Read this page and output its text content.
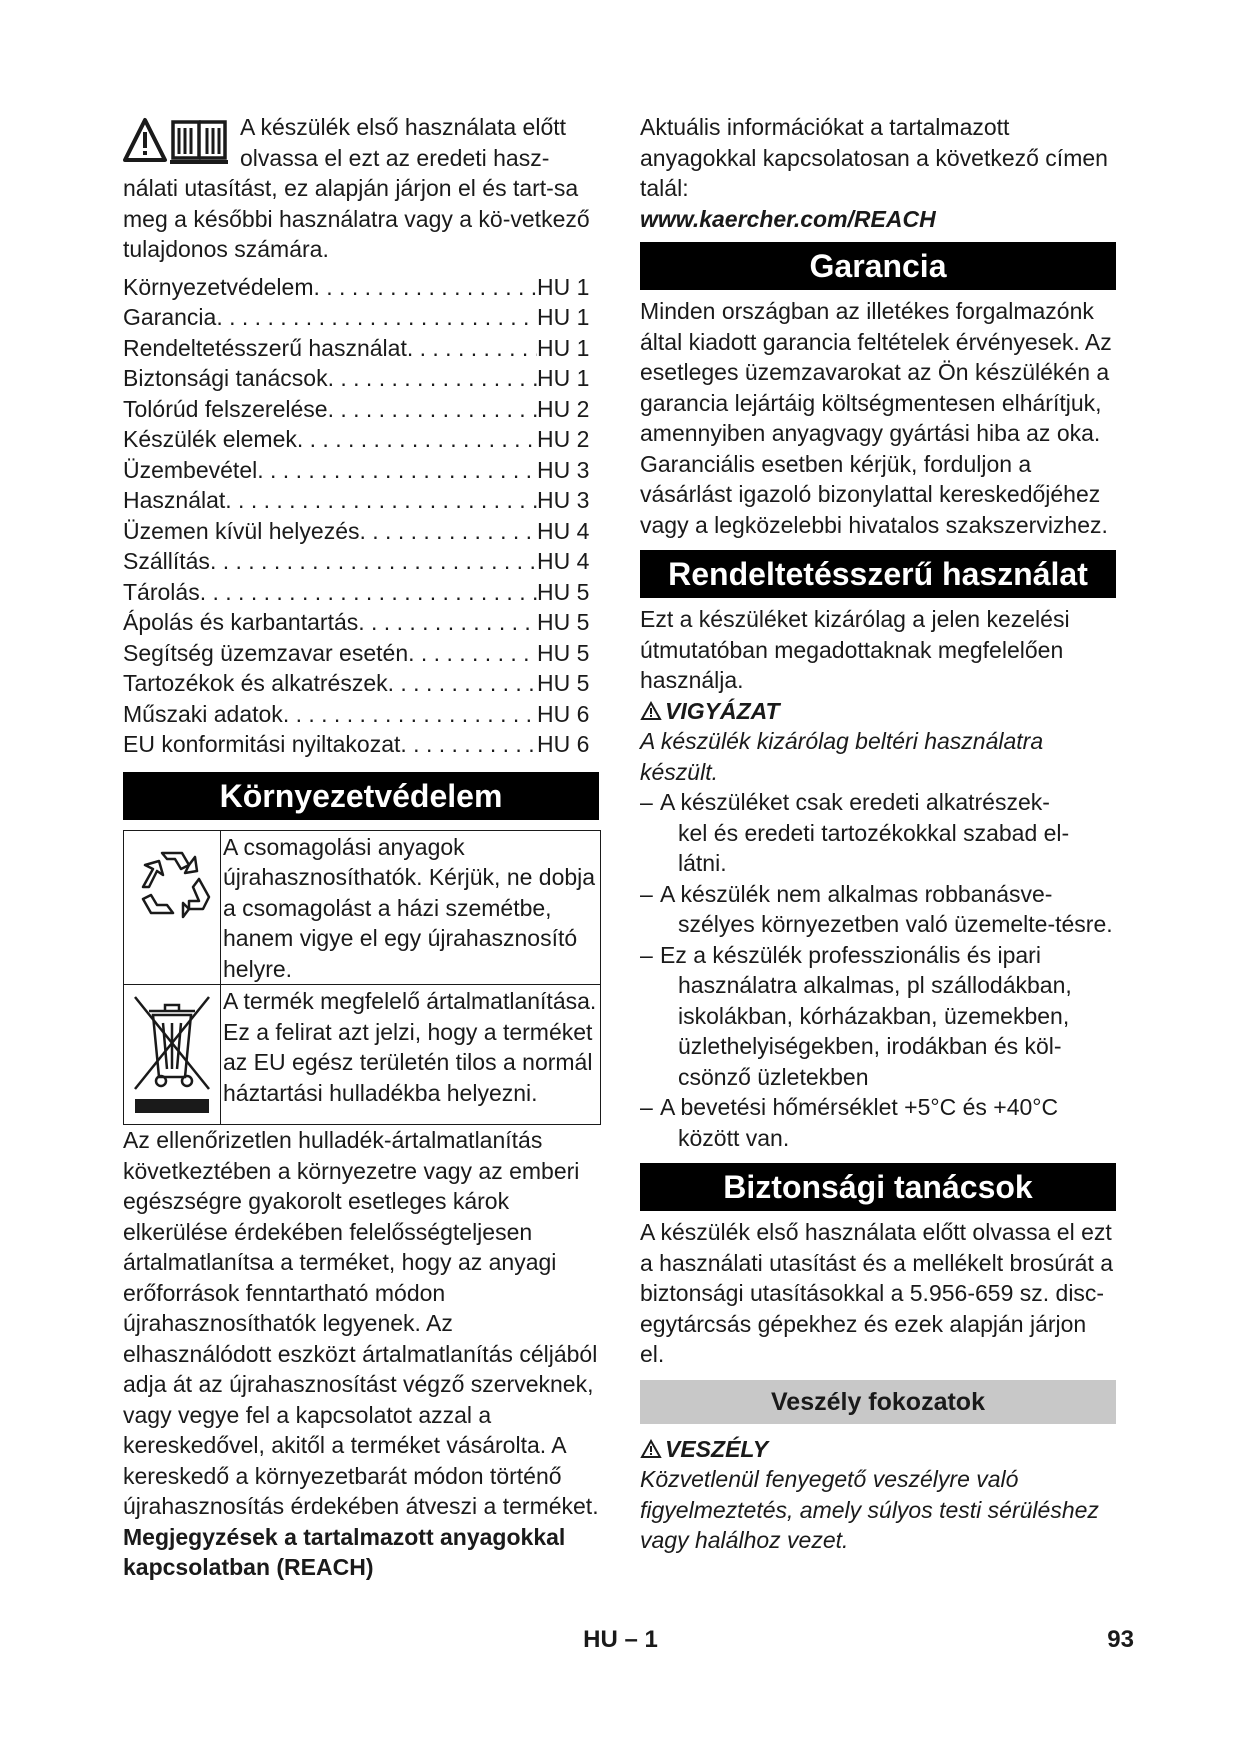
A készülék első használata előtt

olvassa el ezt az eredeti hasz-

nálati utasítást, ez alapján járjon el és tart-sa meg a későbbi használatra vagy a kö-vetkező tulajdonos számára.

Környezetvédelem . . .	HU 1
Garancia . . .	HU 1
Rendeltetésszerű használat . . .	HU 1
Biztonsági tanácsok . . .	HU 1
Tolórúd felszerelése . . .	HU 2
Készülék elemek . . .	HU 2
Üzembevétel . . .	HU 3
Használat . . .	HU 3
Üzemen kívül helyezés . . .	HU 4
Szállítás . . .	HU 4
Tárolás . . .	HU 5
Ápolás és karbantartás . . .	HU 5
Segítség üzemzavar esetén . . .	HU 5
Tartozékok és alkatrészek . . .	HU 5
Műszaki adatok . . .	HU 6
EU konformitási nyiltakozat . . .	HU 6
Környezetvédelem
	A csomagolási anyagok újrahasznosíthatók. Kérjük, ne dobja a csomagolást a házi szemétbe, hanem vigye el egy újrahasznosító helyre.
	A termék megfelelő ártalmatlanítása. Ez a felirat azt jelzi, hogy a terméket az EU egész területén tilos a normál háztartási hulladékba helyezni.

Az ellenőrizetlen hulladék-ártalmatlanítás következtében a környezetre vagy az emberi egészségre gyakorolt esetleges károk elkerülése érdekében felelősségteljesen ártalmatlanítsa a terméket, hogy az anyagi erőforrások fenntartható módon újrahasznosíthatók legyenek. Az elhasználódott eszközt ártalmatlanítás céljából adja át az újrahasznosítást végző szerveknek, vagy vegye fel a kapcsolatot azzal a kereskedővel, akitől a terméket vásárolta. A kereskedő a környezetbarát módon történő újrahasznosítás érdekében átveszi a terméket.

Megjegyzések a tartalmazott anyagokkal kapcsolatban (REACH)

Aktuális információkat a tartalmazott anyagokkal kapcsolatosan a következő címen talál:

www.kaercher.com/REACH

Garancia

Minden országban az illetékes forgalmazónk által kiadott garancia feltételek érvényesek. Az esetleges üzemzavarokat az Ön készülékén a garancia lejártáig költségmentesen elhárítjuk, amennyiben anyagvagy gyártási hiba az oka. Garanciális esetben kérjük, forduljon a vásárlást igazoló bizonylattal kereskedőjéhez vagy a legközelebbi hivatalos szakszervizhez.

Rendeltetésszerű használat

Ezt a készüléket kizárólag a jelen kezelési útmutatóban megadottaknak megfelelően használja.

VIGYÁZAT

A készülék kizárólag beltéri használatra készült.

– A készüléket csak eredeti alkatrészek-
kel és eredeti tartozékokkal szabad el-látni.
– A készülék nem alkalmas robbanásve-
szélyes környezetben való üzemelte-tésre.
– Ez a készülék professzionális és ipari
használatra alkalmas, pl szállodákban, iskolákban, kórházakban, üzemekben, üzlethelyiségekben, irodákban és köl-csönző üzletekben
– A bevetési hőmérséklet +5°C és +40°C
között van.
Biztonsági tanácsok

A készülék első használata előtt olvassa el ezt a használati utasítást és a mellékelt brosúrát a biztonsági utasításokkal a 5.956-659 sz. disc-egytárcsás gépekhez és ezek alapján járjon el.

Veszély fokozatok

VESZÉLY

Közvetlenül fenyegető veszélyre való figyelmeztetés, amely súlyos testi sérüléshez vagy halálhoz vezet.

HU – 1	93
